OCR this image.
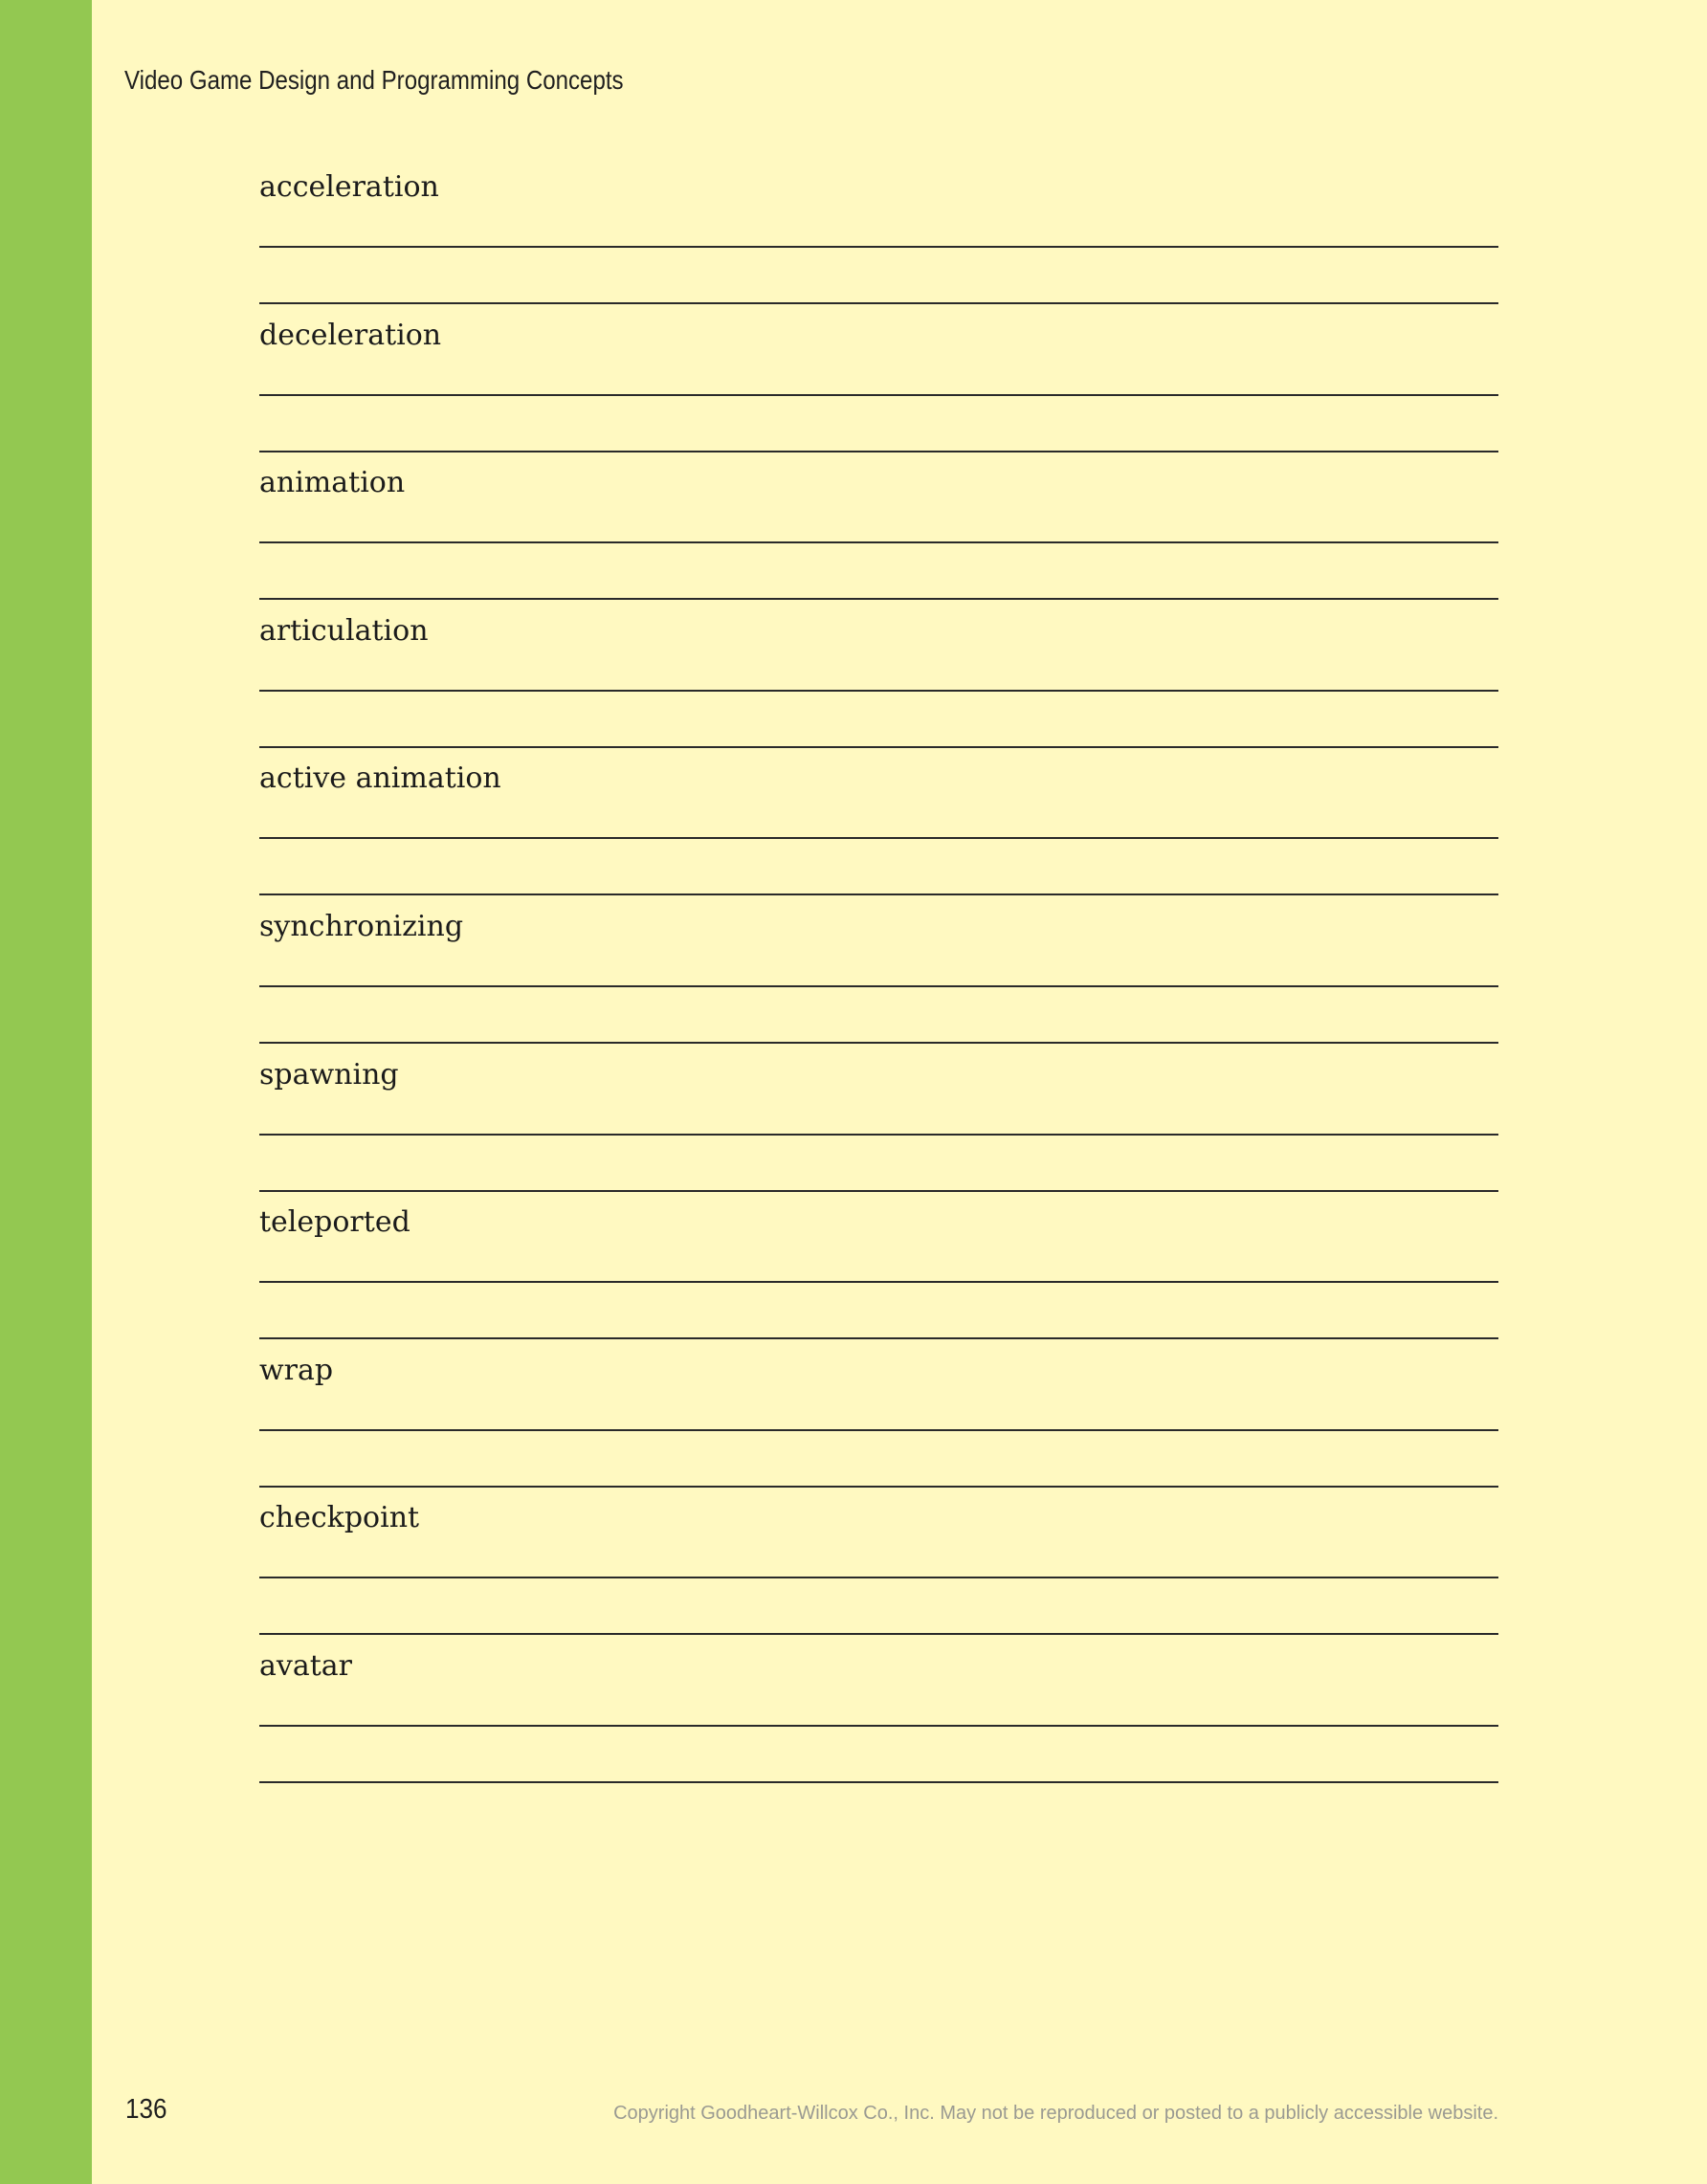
Video Game Design and Programming Concepts
acceleration
deceleration
animation
articulation
active animation
synchronizing
spawning
teleported
wrap
checkpoint
avatar
136	Copyright Goodheart-Willcox Co., Inc. May not be reproduced or posted to a publicly accessible website.
